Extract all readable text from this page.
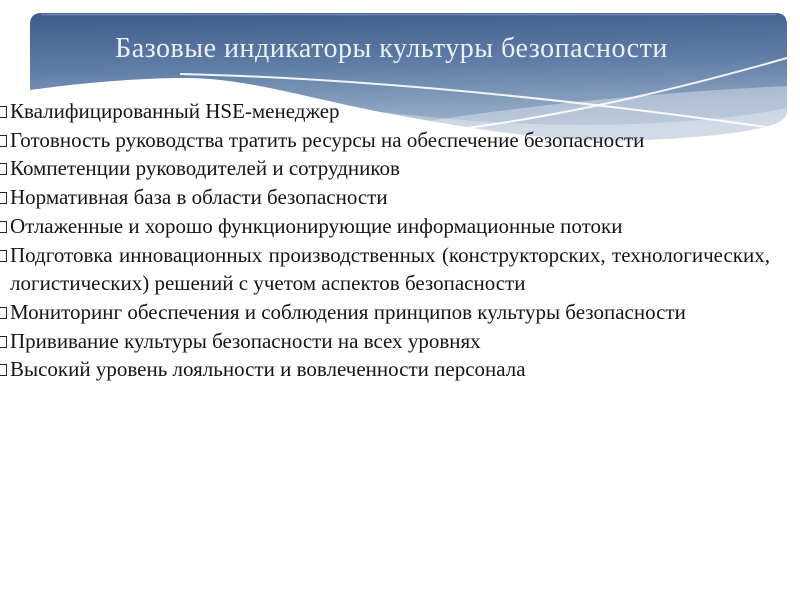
Базовые индикаторы культуры безопасности
Квалифицированный HSE-менеджер
Готовность руководства тратить ресурсы на обеспечение безопасности
Компетенции руководителей и сотрудников
Нормативная база в области безопасности
Отлаженные и хорошо функционирующие информационные потоки
Подготовка инновационных производственных (конструкторских, технологических, логистических) решений с учетом аспектов безопасности
Мониторинг обеспечения и соблюдения принципов культуры безопасности
Прививание культуры безопасности на всех уровнях
Высокий уровень лояльности и вовлеченности персонала
